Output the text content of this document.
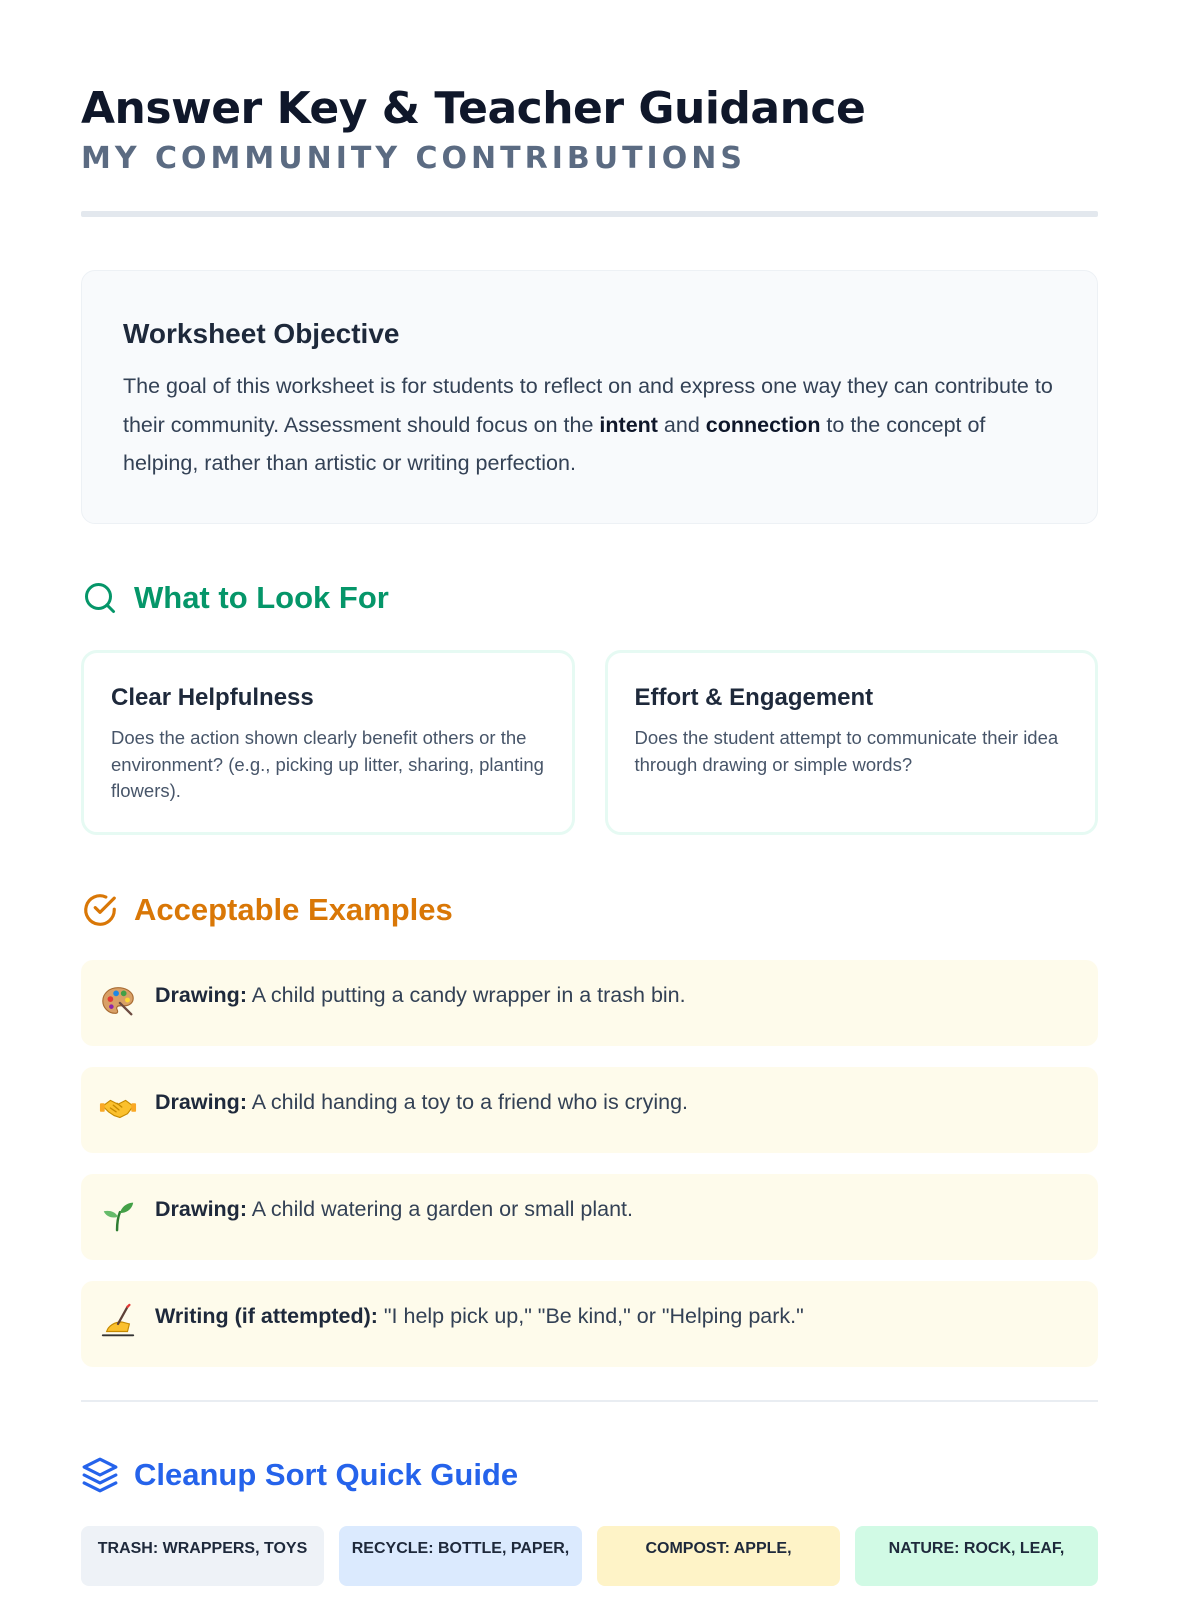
Answer Key & Teacher Guidance
MY COMMUNITY CONTRIBUTIONS
Worksheet Objective

The goal of this worksheet is for students to reflect on and express one way they can contribute to their community. Assessment should focus on the intent and connection to the concept of helping, rather than artistic or writing perfection.

What to Look For
Clear Helpfulness

Does the action shown clearly benefit others or the environment? (e.g., picking up litter, sharing, planting flowers).

Effort & Engagement

Does the student attempt to communicate their idea through drawing or simple words?

Acceptable Examples
Drawing: A child putting a candy wrapper in a trash bin.
Drawing: A child handing a toy to a friend who is crying.
Drawing: A child watering a garden or small plant.
Writing (if attempted): "I help pick up," "Be kind," or "Helping park."
Cleanup Sort Quick Guide
TRASH: WRAPPERS, TOYS	RECYCLE: BOTTLE, PAPER,	COMPOST: APPLE,	NATURE: ROCK, LEAF,
